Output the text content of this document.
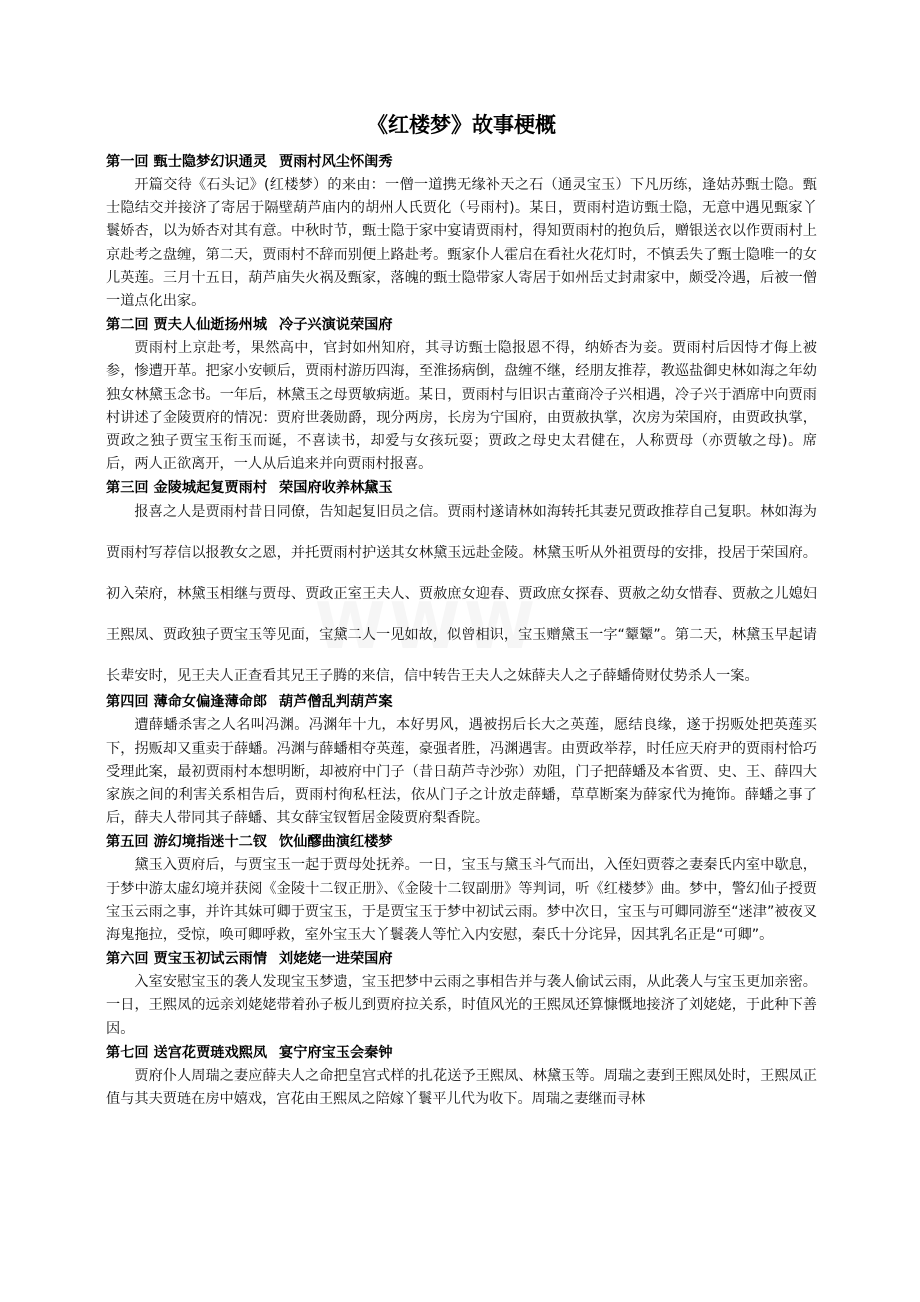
《红楼梦》故事梗概
第一回 甄士隐梦幻识通灵 贾雨村风尘怀闺秀

开篇交待《石头记》(红楼梦）的来由：一僧一道携无缘补天之石（通灵宝玉）下凡历练，逢姑苏甄士隐。甄士隐结交并接济了寄居于隔壁葫芦庙内的胡州人氏贾化（号雨村)。某日，贾雨村造访甄士隐，无意中遇见甄家丫鬟娇杏，以为娇杏对其有意。中秋时节，甄士隐于家中宴请贾雨村，得知贾雨村的抱负后，赠银送衣以作贾雨村上京赴考之盘缠，第二天，贾雨村不辞而别便上路赴考。甄家仆人霍启在看社火花灯时，不慎丢失了甄士隐唯一的女儿英莲。三月十五日，葫芦庙失火祸及甄家，落魄的甄士隐带家人寄居于如州岳丈封肃家中，颇受冷遇，后被一僧一道点化出家。

第二回 贾夫人仙逝扬州城 冷子兴演说荣国府

贾雨村上京赴考，果然高中，官封如州知府，其寻访甄士隐报恩不得，纳娇杏为妾。贾雨村后因恃才侮上被参，惨遭开革。把家小安顿后，贾雨村游历四海，至淮扬病倒，盘缠不继，经朋友推荐，教巡盐御史林如海之年幼独女林黛玉念书。一年后，林黛玉之母贾敏病逝。某日，贾雨村与旧识古董商冷子兴相遇，冷子兴于酒席中向贾雨村讲述了金陵贾府的情况：贾府世袭勋爵，现分两房，长房为宁国府，由贾赦执掌，次房为荣国府，由贾政执掌，贾政之独子贾宝玉衔玉而诞，不喜读书，却爱与女孩玩耍；贾政之母史太君健在，人称贾母（亦贾敏之母)。席后，两人正欲离开，一人从后追来并向贾雨村报喜。

第三回 金陵城起复贾雨村 荣国府收养林黛玉

报喜之人是贾雨村昔日同僚，告知起复旧员之信。贾雨村遂请林如海转托其妻兄贾政推荐自己复职。林如海为贾雨村写荐信以报教女之恩，并托贾雨村护送其女林黛玉远赴金陵。林黛玉听从外祖贾母的安排，投居于荣国府。初入荣府，林黛玉相继与贾母、贾政正室王夫人、贾赦庶女迎春、贾政庶女探春、贾赦之幼女惜春、贾赦之儿媳妇王熙凤、贾政独子贾宝玉等见面，宝黛二人一见如故，似曾相识，宝玉赠黛玉一字“颦颦”。第二天，林黛玉早起请长辈安时，见王夫人正查看其兄王子腾的来信，信中转告王夫人之妹薛夫人之子薛蟠倚财仗势杀人一案。

第四回 薄命女偏逢薄命郎 葫芦僧乱判葫芦案

遭薛蟠杀害之人名叫冯渊。冯渊年十九，本好男风，遇被拐后长大之英莲，愿结良缘，遂于拐贩处把英莲买下，拐贩却又重卖于薛蟠。冯渊与薛蟠相夺英莲，豪强者胜，冯渊遇害。由贾政举荐，时任应天府尹的贾雨村恰巧受理此案，最初贾雨村本想明断，却被府中门子（昔日葫芦寺沙弥）劝阻，门子把薛蟠及本省贾、史、王、薛四大家族之间的利害关系相告后，贾雨村徇私枉法，依从门子之计放走薛蟠，草草断案为薛家代为掩饰。薛蟠之事了后，薛夫人带同其子薛蟠、其女薛宝钗暂居金陵贾府梨香院。

第五回 游幻境指迷十二钗 饮仙醪曲演红楼梦

黛玉入贾府后，与贾宝玉一起于贾母处抚养。一日，宝玉与黛玉斗气而出，入侄妇贾蓉之妻秦氏内室中歇息，于梦中游太虚幻境并获阅《金陵十二钗正册》、《金陵十二钗副册》等判词，听《红楼梦》曲。梦中，警幻仙子授贾宝玉云雨之事，并许其妹可卿于贾宝玉，于是贾宝玉于梦中初试云雨。梦中次日，宝玉与可卿同游至“迷津”被夜叉海鬼拖拉，受惊，唤可卿呼救，室外宝玉大丫鬟袭人等忙入内安慰，秦氏十分诧异，因其乳名正是“可卿”。

第六回 贾宝玉初试云雨情 刘姥姥一进荣国府

入室安慰宝玉的袭人发现宝玉梦遗，宝玉把梦中云雨之事相告并与袭人偷试云雨，从此袭人与宝玉更加亲密。一日，王熙凤的远亲刘姥姥带着孙子板儿到贾府拉关系，时值风光的王熙凤还算慷慨地接济了刘姥姥，于此种下善因。

第七回 送宫花贾琏戏熙凤 宴宁府宝玉会秦钟

贾府仆人周瑞之妻应薛夫人之命把皇宫式样的扎花送予王熙凤、林黛玉等。周瑞之妻到王熙凤处时，王熙凤正值与其夫贾琏在房中嬉戏，宫花由王熙凤之陪嫁丫鬟平儿代为收下。周瑞之妻继而寻林
